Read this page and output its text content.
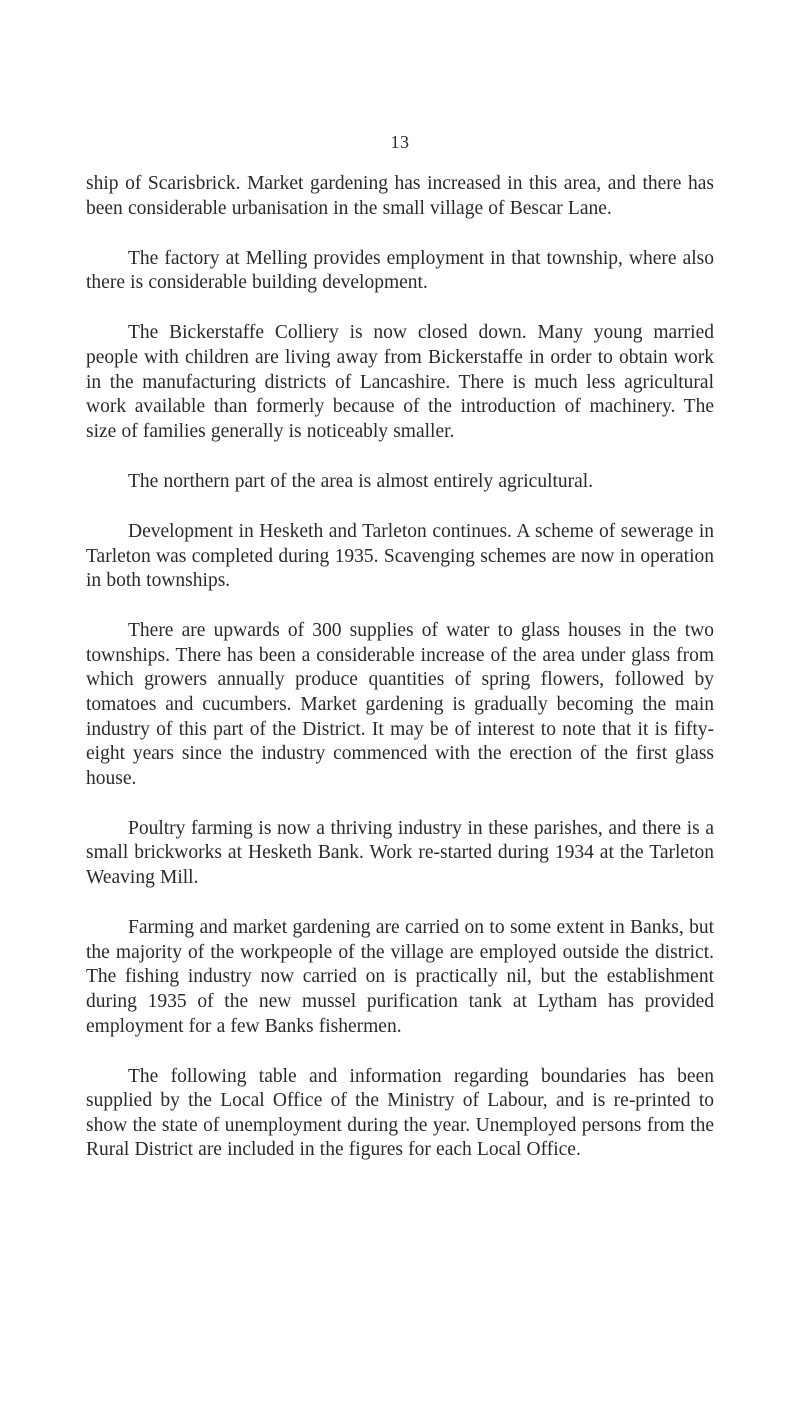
13

ship of Scarisbrick. Market gardening has increased in this area, and there has been considerable urbanisation in the small village of Bescar Lane.

The factory at Melling provides employment in that township, where also there is considerable building development.

The Bickerstaffe Colliery is now closed down. Many young married people with children are living away from Bickerstaffe in order to obtain work in the manufacturing districts of Lancashire. There is much less agricultural work available than formerly because of the introduction of machinery. The size of families generally is noticeably smaller.

The northern part of the area is almost entirely agricultural.

Development in Hesketh and Tarleton continues. A scheme of sewerage in Tarleton was completed during 1935. Scavenging schemes are now in operation in both townships.

There are upwards of 300 supplies of water to glass houses in the two townships. There has been a considerable increase of the area under glass from which growers annually produce quantities of spring flowers, followed by tomatoes and cucumbers. Market gardening is gradually becoming the main industry of this part of the District. It may be of interest to note that it is fifty-eight years since the industry commenced with the erection of the first glass house.

Poultry farming is now a thriving industry in these parishes, and there is a small brickworks at Hesketh Bank. Work re-started during 1934 at the Tarleton Weaving Mill.

Farming and market gardening are carried on to some extent in Banks, but the majority of the workpeople of the village are employed outside the district. The fishing industry now carried on is practically nil, but the establishment during 1935 of the new mussel purification tank at Lytham has provided employment for a few Banks fishermen.

The following table and information regarding boundaries has been supplied by the Local Office of the Ministry of Labour, and is re-printed to show the state of unemployment during the year. Unemployed persons from the Rural District are included in the figures for each Local Office.
